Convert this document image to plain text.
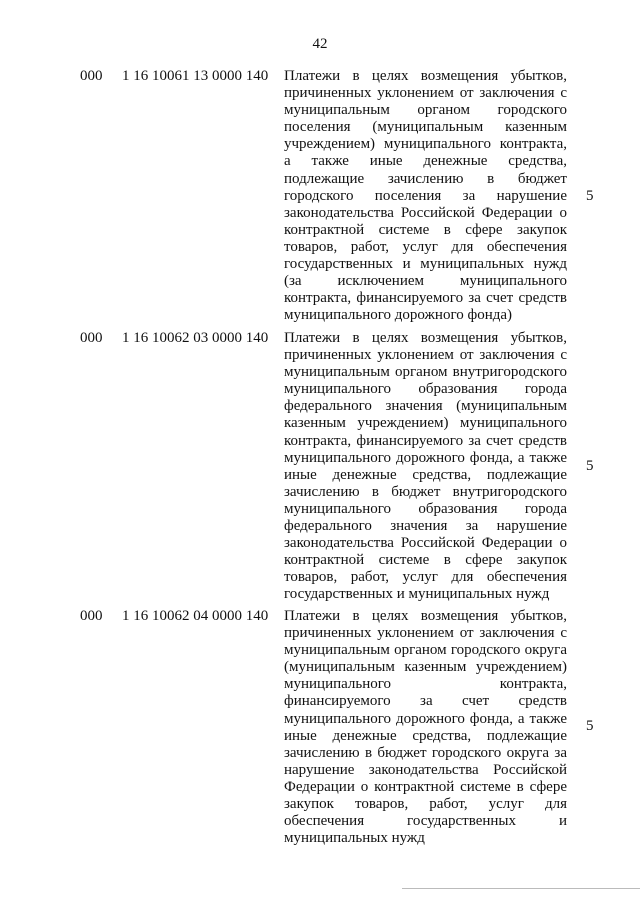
42
000 1 16 10061 13 0000 140 Платежи в целях возмещения убытков, причиненных уклонением от заключения с муниципальным органом городского поселения (муниципальным казенным учреждением) муниципального контракта, а также иные денежные средства, подлежащие зачислению в бюджет городского поселения за нарушение законодательства Российской Федерации о контрактной системе в сфере закупок товаров, работ, услуг для обеспечения государственных и муниципальных нужд (за исключением муниципального контракта, финансируемого за счет средств муниципального дорожного фонда)

5
000 1 16 10062 03 0000 140 Платежи в целях возмещения убытков, причиненных уклонением от заключения с муниципальным органом внутригородского муниципального образования города федерального значения (муниципальным казенным учреждением) муниципального контракта, финансируемого за счет средств муниципального дорожного фонда, а также иные денежные средства, подлежащие зачислению в бюджет внутригородского муниципального образования города федерального значения за нарушение законодательства Российской Федерации о контрактной системе в сфере закупок товаров, работ, услуг для обеспечения государственных и муниципальных нужд

5
000 1 16 10062 04 0000 140 Платежи в целях возмещения убытков, причиненных уклонением от заключения с муниципальным органом городского округа (муниципальным казенным учреждением) муниципального контракта, финансируемого за счет средств муниципального дорожного фонда, а также иные денежные средства, подлежащие зачислению в бюджет городского округа за нарушение законодательства Российской Федерации о контрактной системе в сфере закупок товаров, работ, услуг для обеспечения государственных и муниципальных нужд

5
